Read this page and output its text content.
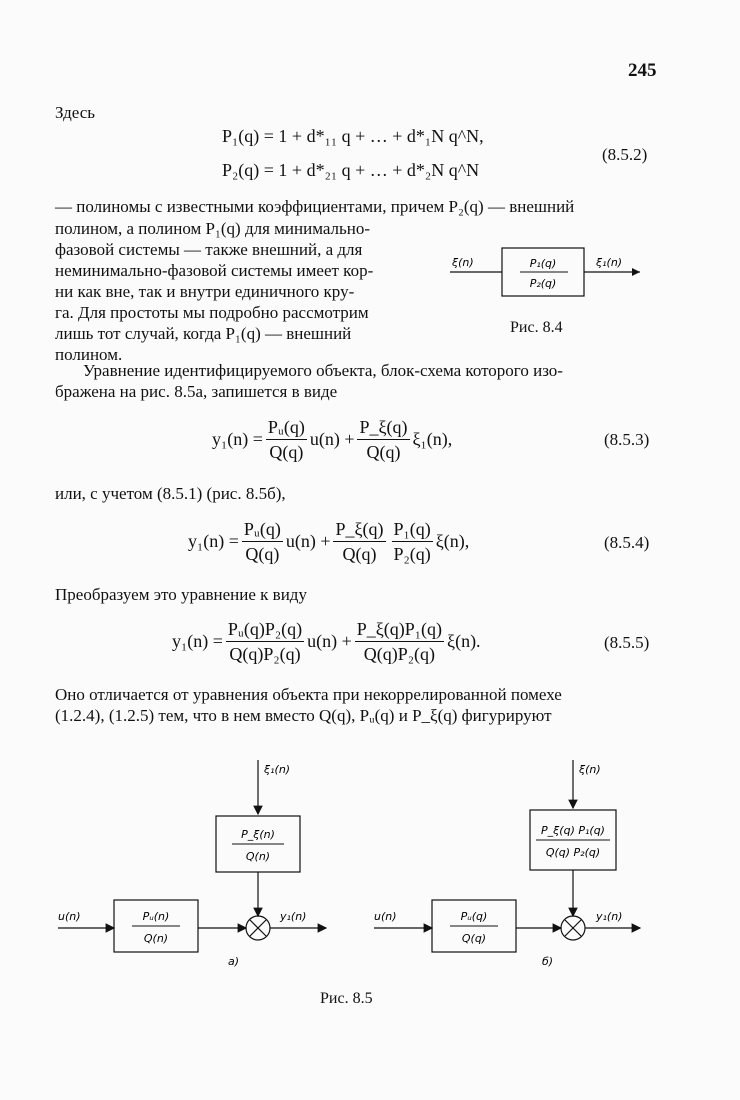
245
Здесь
P₁(q) = 1 + d*₁₁ q + … + d*₁N q^N,
P₂(q) = 1 + d*₂₁ q + … + d*₂N q^N
(8.5.2)
— полиномы с известными коэффициентами, причем P₂(q) — внешний
полином, а полином P₁(q) для минимально-
фазовой системы — также внешний, а для
неминимально-фазовой системы имеет кор-
ни как вне, так и внутри единичного кру-
га. Для простоты мы подробно рассмотрим
лишь тот случай, когда P₁(q) — внешний
полином.
ξ(n)	P₁(q)
P₂(q)
ξ₁(n)
Рис. 8.4
Уравнение идентифицируемого объекта, блок-схема которого изо-
бражена на рис. 8.5а, запишется в виде
$y_1(n) = \frac{\text{Pᵤ(q)}}{Q(q)} u(n) + \frac{P\_\xi(q)}{Q(q)} \xi_1(n)$,	(8.5.3)
или, с учетом (8.5.1) (рис. 8.5б),
$y_1(n) = \frac{\text{Pᵤ(q)}}{Q(q)} u(n) + \frac{P\_\xi(q)}{Q(q)} \frac{\text{P₁(q)}}{\text{P₂(q)}} \xi(n)$,	(8.5.4)
Преобразуем это уравнение к виду
$y_1(n) = \frac{\text{Pᵤ(q)P₂(q)}}{\text{Q(q)P₂(q)}} u(n) + \frac{\text{P\_ξ(q)P₁(q)}}{\text{Q(q)P₂(q)}} \xi(n)$.	(8.5.5)
Оно отличается от уравнения объекта при некоррелированной помехе
(1.2.4), (1.2.5) тем, что в нем вместо Q(q), Pᵤ(q) и P_ξ(q) фигурируют
ξ₁(n)
P_ξ(n)
Q(n)
u(n)	Pᵤ(n)
Q(n)
y₁(n)
а)
ξ(n)
P_ξ(q) P₁(q)
Q(q) P₂(q)
u(n)	Pᵤ(q)
Q(q)
y₁(n)
б)
Рис. 8.5
